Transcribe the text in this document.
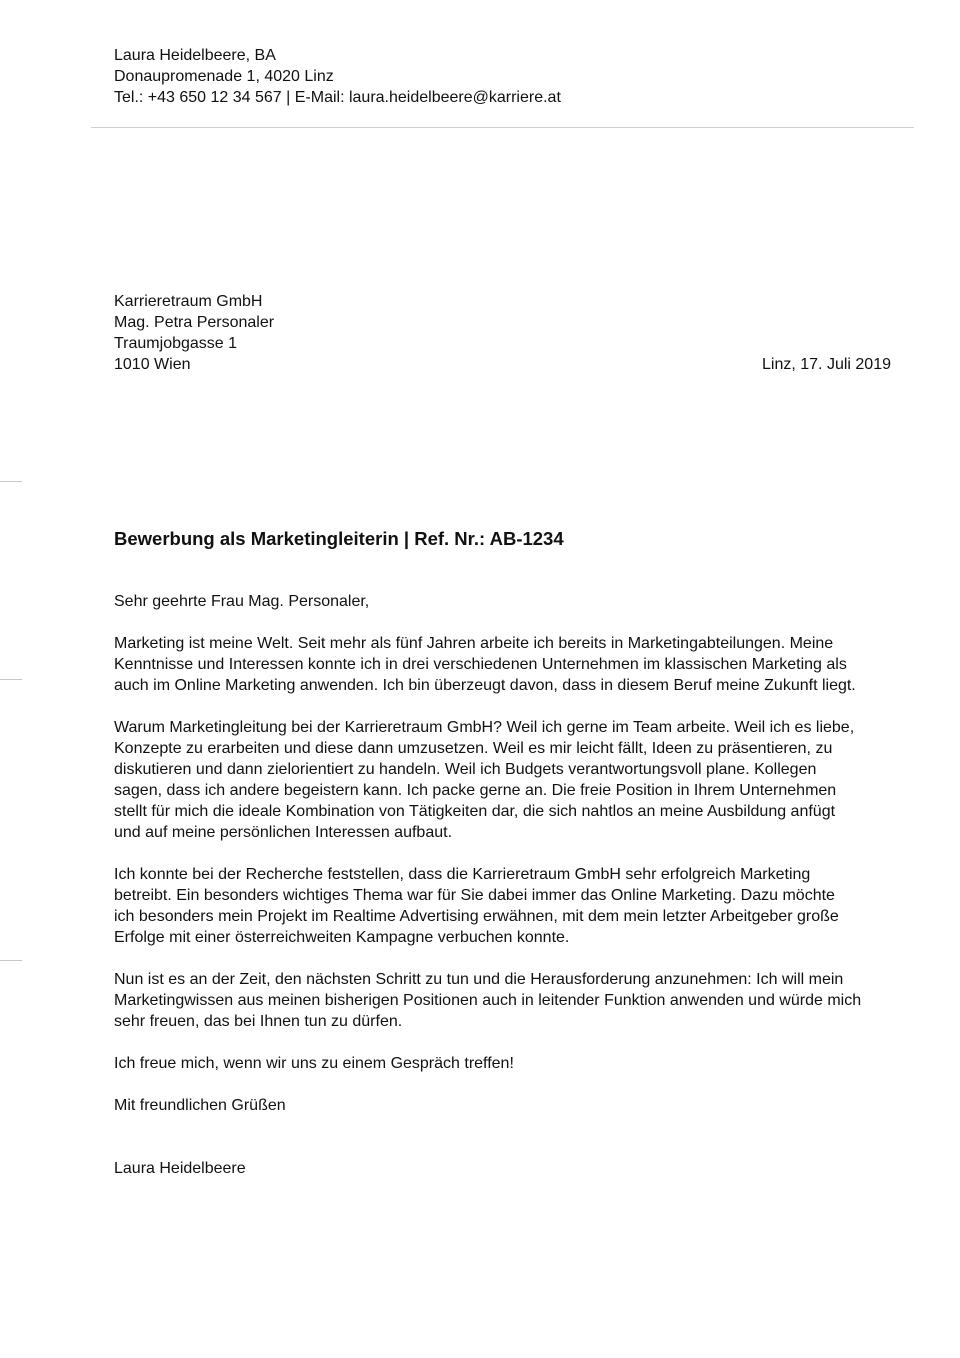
Laura Heidelbeere, BA
Donaupromenade 1, 4020 Linz
Tel.: +43 650 12 34 567 | E-Mail: laura.heidelbeere@karriere.at
Karrieretraum GmbH
Mag. Petra Personaler
Traumjobgasse 1
1010 Wien	Linz, 17. Juli 2019
Bewerbung als Marketingleiterin | Ref. Nr.: AB-1234
Sehr geehrte Frau Mag. Personaler,
Marketing ist meine Welt. Seit mehr als fünf Jahren arbeite ich bereits in Marketingabteilungen. Meine
Kenntnisse und Interessen konnte ich in drei verschiedenen Unternehmen im klassischen Marketing als
auch im Online Marketing anwenden. Ich bin überzeugt davon, dass in diesem Beruf meine Zukunft liegt.
Warum Marketingleitung bei der Karrieretraum GmbH? Weil ich gerne im Team arbeite. Weil ich es liebe,
Konzepte zu erarbeiten und diese dann umzusetzen. Weil es mir leicht fällt, Ideen zu präsentieren, zu
diskutieren und dann zielorientiert zu handeln. Weil ich Budgets verantwortungsvoll plane. Kollegen
sagen, dass ich andere begeistern kann. Ich packe gerne an. Die freie Position in Ihrem Unternehmen
stellt für mich die ideale Kombination von Tätigkeiten dar, die sich nahtlos an meine Ausbildung anfügt
und auf meine persönlichen Interessen aufbaut.
Ich konnte bei der Recherche feststellen, dass die Karrieretraum GmbH sehr erfolgreich Marketing
betreibt. Ein besonders wichtiges Thema war für Sie dabei immer das Online Marketing. Dazu möchte
ich besonders mein Projekt im Realtime Advertising erwähnen, mit dem mein letzter Arbeitgeber große
Erfolge mit einer österreichweiten Kampagne verbuchen konnte.
Nun ist es an der Zeit, den nächsten Schritt zu tun und die Herausforderung anzunehmen: Ich will mein
Marketingwissen aus meinen bisherigen Positionen auch in leitender Funktion anwenden und würde mich
sehr freuen, das bei Ihnen tun zu dürfen.
Ich freue mich, wenn wir uns zu einem Gespräch treffen!
Mit freundlichen Grüßen
Laura Heidelbeere
